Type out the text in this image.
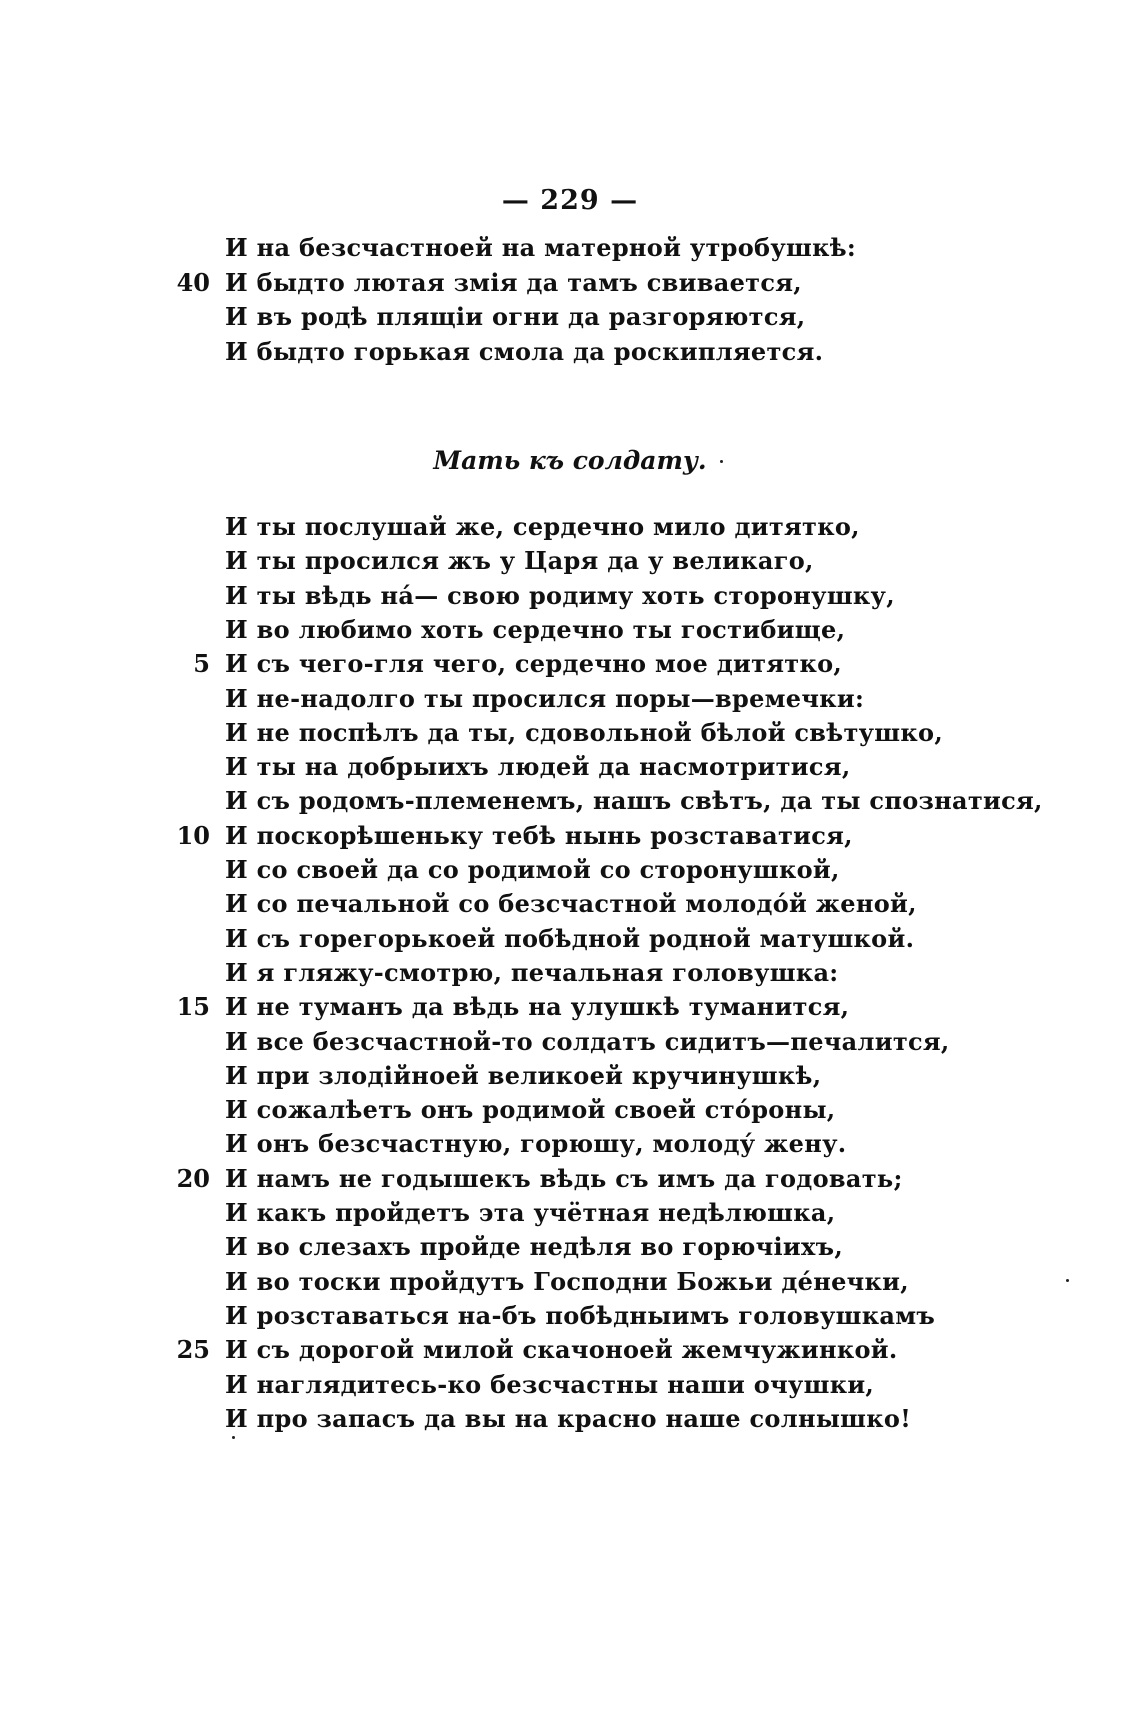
— 229 —
И на безсчастноей на матерной утробушкѣ:
40 И быдто лютая змія да тамъ свивается,
И въ родѣ плящіи огни да разгоряются,
И быдто горькая смола да роскипляется.
Мать къ солдату.
И ты послушай же, сердечно мило дитятко,
И ты просился жъ у Царя да у великаго,
И ты вѣдь на́— свою родиму хоть сторонушку,
И во любимо хоть сердечно ты гостибище,
5 И съ чего-гля чего, сердечно мое дитятко,
И не-надолго ты просился поры—времечки:
И не поспѣлъ да ты, сдовольной бѣлой свѣтушко,
И ты на добрыихъ людей да насмотритися,
И съ родомъ-племенемъ, нашъ свѣтъ, да ты спознатися,
10 И поскорѣшеньку тебѣ нынь розставатися,
И со своей да со родимой со сторонушкой,
И со печальной со безсчастной молодо́й женой,
И съ горегорькоей побѣдной родной матушкой.
И я гляжу-смотрю, печальная головушка:
15 И не туманъ да вѣдь на улушкѣ туманится,
И все безсчастной-то солдатъ сидитъ—печалится,
И при злодійноей великоей кручинушкѣ,
И сожалѣетъ онъ родимой своей сто́роны,
И онъ безсчастную, горюшу, молоду́ жену.
20 И намъ не годышекъ вѣдь съ имъ да годовать;
И какъ пройдетъ эта учётная недѣлюшка,
И во слезахъ пройде недѣля во горючіихъ,
И во тоски пройдутъ Господни Божьи де́нечки,
И розставаться на-бъ побѣдныимъ головушкамъ
25 И съ дорогой милой скачоноей жемчужинкой.
И наглядитесь-ко безсчастны наши очушки,
И про запасъ да вы на красно наше солнышко!
